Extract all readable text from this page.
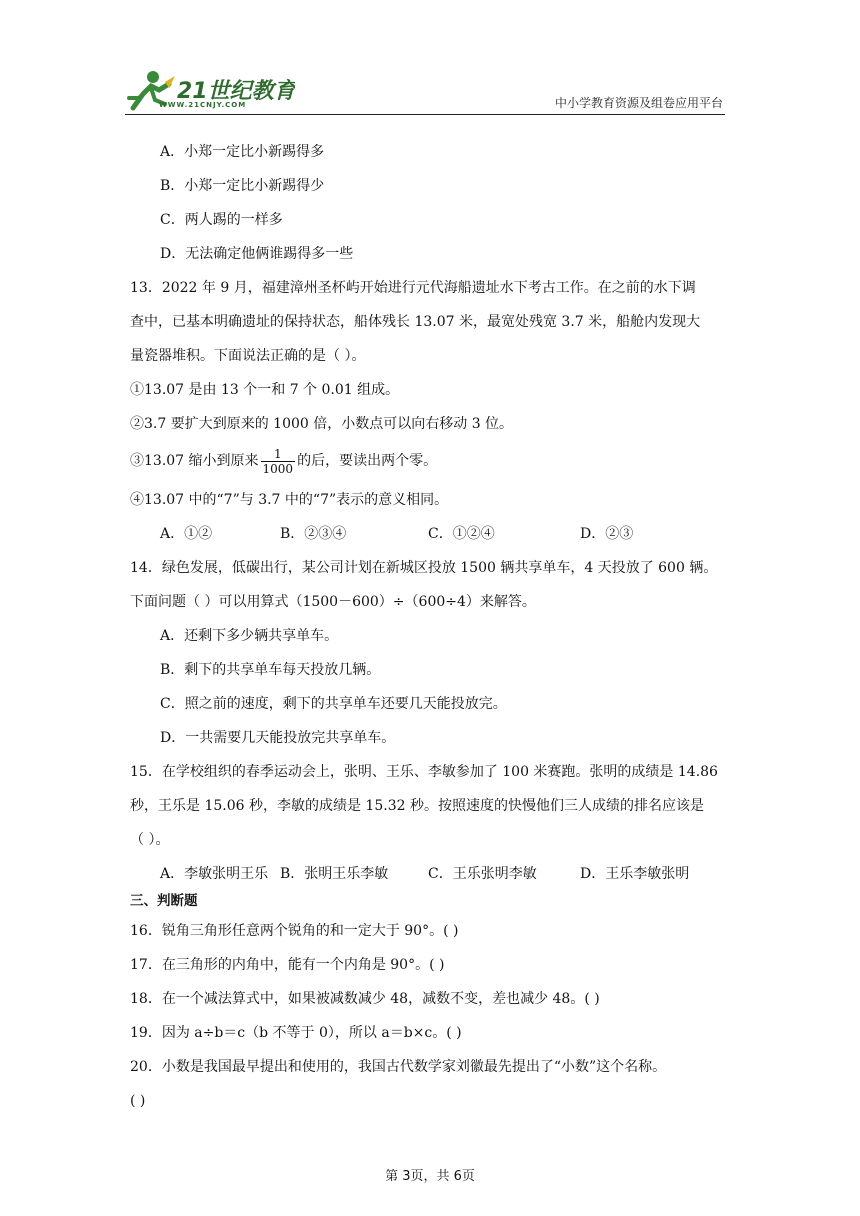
21世纪教育
WWW.21CNJY.COM	中小学教育资源及组卷应用平台
A．小郑一定比小新踢得多
B．小郑一定比小新踢得少
C．两人踢的一样多
D．无法确定他俩谁踢得多一些
13．2022 年 9 月，福建漳州圣杯屿开始进行元代海船遗址水下考古工作。在之前的水下调
查中，已基本明确遗址的保持状态，船体残长 13.07 米，最宽处残宽 3.7 米，船舱内发现大
量瓷器堆积。下面说法正确的是（ ）。
①13.07 是由 13 个一和 7 个 0.01 组成。
②3.7 要扩大到原来的 1000 倍，小数点可以向右移动 3 位。
③13.07 缩小到原来 $\frac{1}{1000}$ 的后，要读出两个零。
④13.07 中的“7”与 3.7 中的“7”表示的意义相同。
A．①②	B．②③④	C．①②④	D．②③
14．绿色发展，低碳出行，某公司计划在新城区投放 1500 辆共享单车，4 天投放了 600 辆。
下面问题（ ）可以用算式（1500－600）÷（600÷4）来解答。
A．还剩下多少辆共享单车。
B．剩下的共享单车每天投放几辆。
C．照之前的速度，剩下的共享单车还要几天能投放完。
D．一共需要几天能投放完共享单车。
15．在学校组织的春季运动会上，张明、王乐、李敏参加了 100 米赛跑。张明的成绩是 14.86
秒，王乐是 15.06 秒，李敏的成绩是 15.32 秒。按照速度的快慢他们三人成绩的排名应该是
（ ）。
A．李敏张明王乐 B．张明王乐李敏	C．王乐张明李敏	D．王乐李敏张明
三、判断题
16．锐角三角形任意两个锐角的和一定大于 90°。( )
17．在三角形的内角中，能有一个内角是 90°。( )
18．在一个减法算式中，如果被减数减少 48，减数不变，差也减少 48。( )
19．因为 a÷b＝c（b 不等于 0），所以 a＝b×c。( )
20．小数是我国最早提出和使用的，我国古代数学家刘徽最先提出了“小数”这个名称。
( )
第 3页，共 6页
